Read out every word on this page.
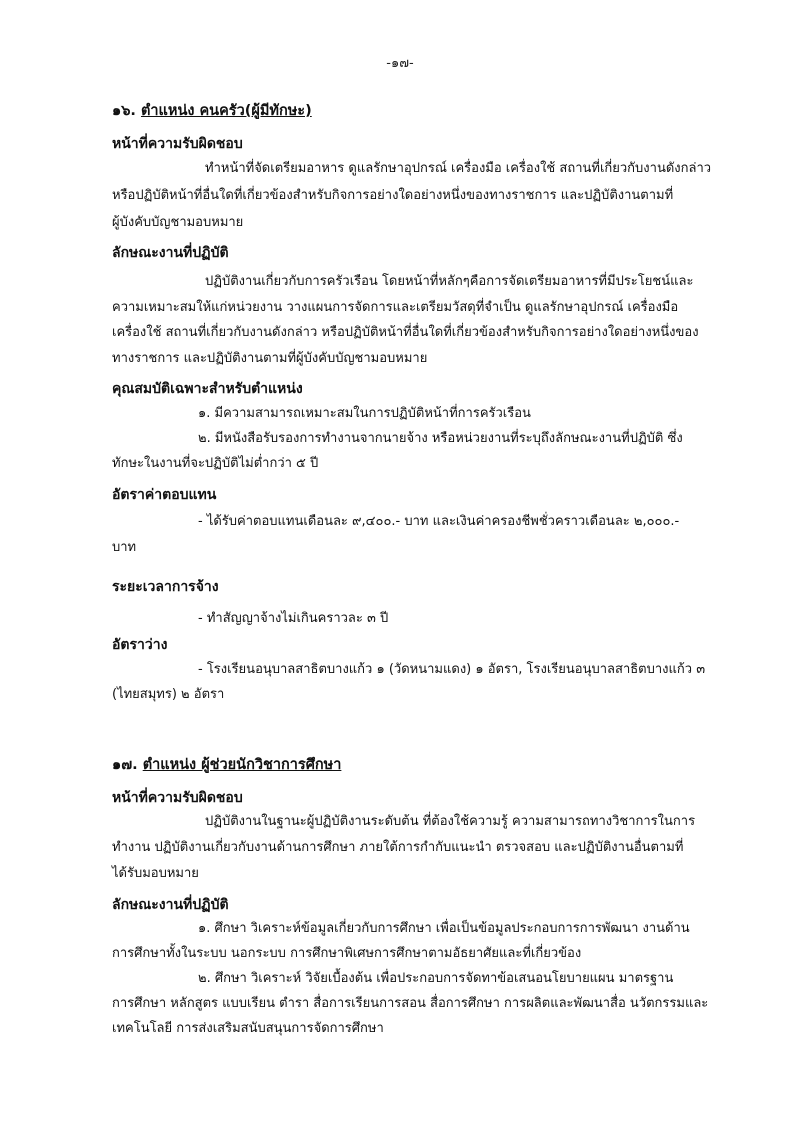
-๑๗-

๑๖. ตำแหน่ง คนครัว(ผู้มีทักษะ)

หน้าที่ความรับผิดชอบ

ทำหน้าที่จัดเตรียมอาหาร ดูแลรักษาอุปกรณ์ เครื่องมือ เครื่องใช้ สถานที่เกี่ยวกับงานดังกล่าว

หรือปฏิบัติหน้าที่อื่นใดที่เกี่ยวข้องสำหรับกิจการอย่างใดอย่างหนึ่งของทางราชการ และปฏิบัติงานตามที่

ผู้บังคับบัญชามอบหมาย

ลักษณะงานที่ปฏิบัติ

ปฏิบัติงานเกี่ยวกับการครัวเรือน โดยหน้าที่หลักๆคือการจัดเตรียมอาหารที่มีประโยชน์และ

ความเหมาะสมให้แก่หน่วยงาน วางแผนการจัดการและเตรียมวัสดุที่จำเป็น ดูแลรักษาอุปกรณ์ เครื่องมือ

เครื่องใช้ สถานที่เกี่ยวกับงานดังกล่าว หรือปฏิบัติหน้าที่อื่นใดที่เกี่ยวข้องสำหรับกิจการอย่างใดอย่างหนึ่งของ

ทางราชการ และปฏิบัติงานตามที่ผู้บังคับบัญชามอบหมาย

คุณสมบัติเฉพาะสำหรับตำแหน่ง

๑. มีความสามารถเหมาะสมในการปฏิบัติหน้าที่การครัวเรือน

๒. มีหนังสือรับรองการทำงานจากนายจ้าง หรือหน่วยงานที่ระบุถึงลักษณะงานที่ปฏิบัติ ซึ่ง

ทักษะในงานที่จะปฏิบัติไม่ต่ำกว่า ๕ ปี

อัตราค่าตอบแทน

- ได้รับค่าตอบแทนเดือนละ ๙,๔๐๐.- บาท และเงินค่าครองชีพชั่วคราวเดือนละ ๒,๐๐๐.-

บาท

ระยะเวลาการจ้าง

- ทำสัญญาจ้างไม่เกินคราวละ ๓ ปี

อัตราว่าง

- โรงเรียนอนุบาลสาธิตบางแก้ว ๑ (วัดหนามแดง) ๑ อัตรา, โรงเรียนอนุบาลสาธิตบางแก้ว ๓

(ไทยสมุทร) ๒ อัตรา

๑๗. ตำแหน่ง ผู้ช่วยนักวิชาการศึกษา

หน้าที่ความรับผิดชอบ

ปฏิบัติงานในฐานะผู้ปฏิบัติงานระดับต้น ที่ต้องใช้ความรู้ ความสามารถทางวิชาการในการ

ทำงาน ปฏิบัติงานเกี่ยวกับงานด้านการศึกษา ภายใต้การกำกับแนะนำ ตรวจสอบ และปฏิบัติงานอื่นตามที่

ได้รับมอบหมาย

ลักษณะงานที่ปฏิบัติ

๑. ศึกษา วิเคราะห์ข้อมูลเกี่ยวกับการศึกษา เพื่อเป็นข้อมูลประกอบการการพัฒนา งานด้าน

การศึกษาทั้งในระบบ นอกระบบ การศึกษาพิเศษการศึกษาตามอัธยาศัยและที่เกี่ยวข้อง

๒. ศึกษา วิเคราะห์ วิจัยเบื้องต้น เพื่อประกอบการจัดทาข้อเสนอนโยบายแผน มาตรฐาน

การศึกษา หลักสูตร แบบเรียน ตำรา สื่อการเรียนการสอน สื่อการศึกษา การผลิตและพัฒนาสื่อ นวัตกรรมและ

เทคโนโลยี การส่งเสริมสนับสนุนการจัดการศึกษา
